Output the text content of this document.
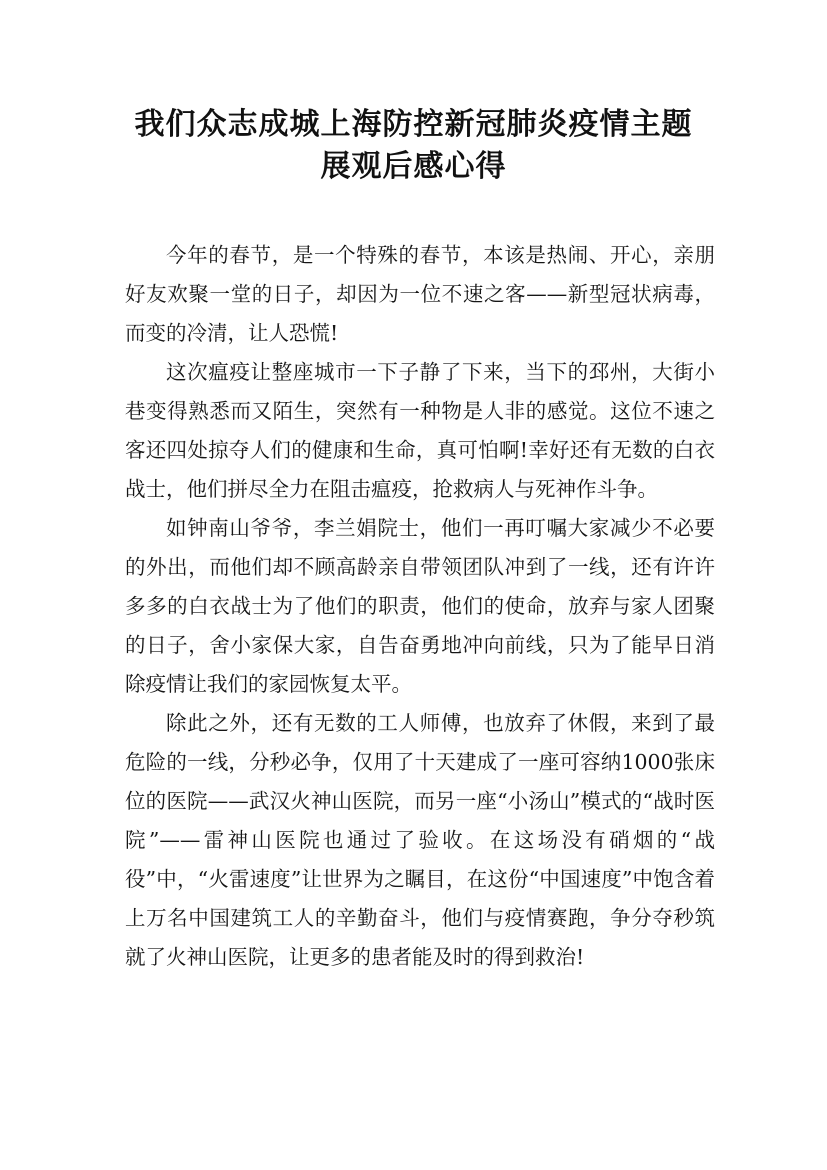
我们众志成城上海防控新冠肺炎疫情主题
展观后感心得

今年的春节，是一个特殊的春节，本该是热闹、开心，亲朋好友欢聚一堂的日子，却因为一位不速之客——新型冠状病毒，而变的冷清，让人恐慌!

这次瘟疫让整座城市一下子静了下来，当下的邳州，大街小巷变得熟悉而又陌生，突然有一种物是人非的感觉。这位不速之客还四处掠夺人们的健康和生命，真可怕啊!幸好还有无数的白衣战士，他们拼尽全力在阻击瘟疫，抢救病人与死神作斗争。

如钟南山爷爷，李兰娟院士，他们一再叮嘱大家减少不必要的外出，而他们却不顾高龄亲自带领团队冲到了一线，还有许许多多的白衣战士为了他们的职责，他们的使命，放弃与家人团聚的日子，舍小家保大家，自告奋勇地冲向前线，只为了能早日消除疫情让我们的家园恢复太平。

除此之外，还有无数的工人师傅，也放弃了休假，来到了最危险的一线，分秒必争，仅用了十天建成了一座可容纳1000张床位的医院——武汉火神山医院，而另一座“小汤山”模式的“战时医院”——雷神山医院也通过了验收。在这场没有硝烟的“战役”中，“火雷速度”让世界为之瞩目，在这份“中国速度”中饱含着上万名中国建筑工人的辛勤奋斗，他们与疫情赛跑，争分夺秒筑就了火神山医院，让更多的患者能及时的得到救治!
